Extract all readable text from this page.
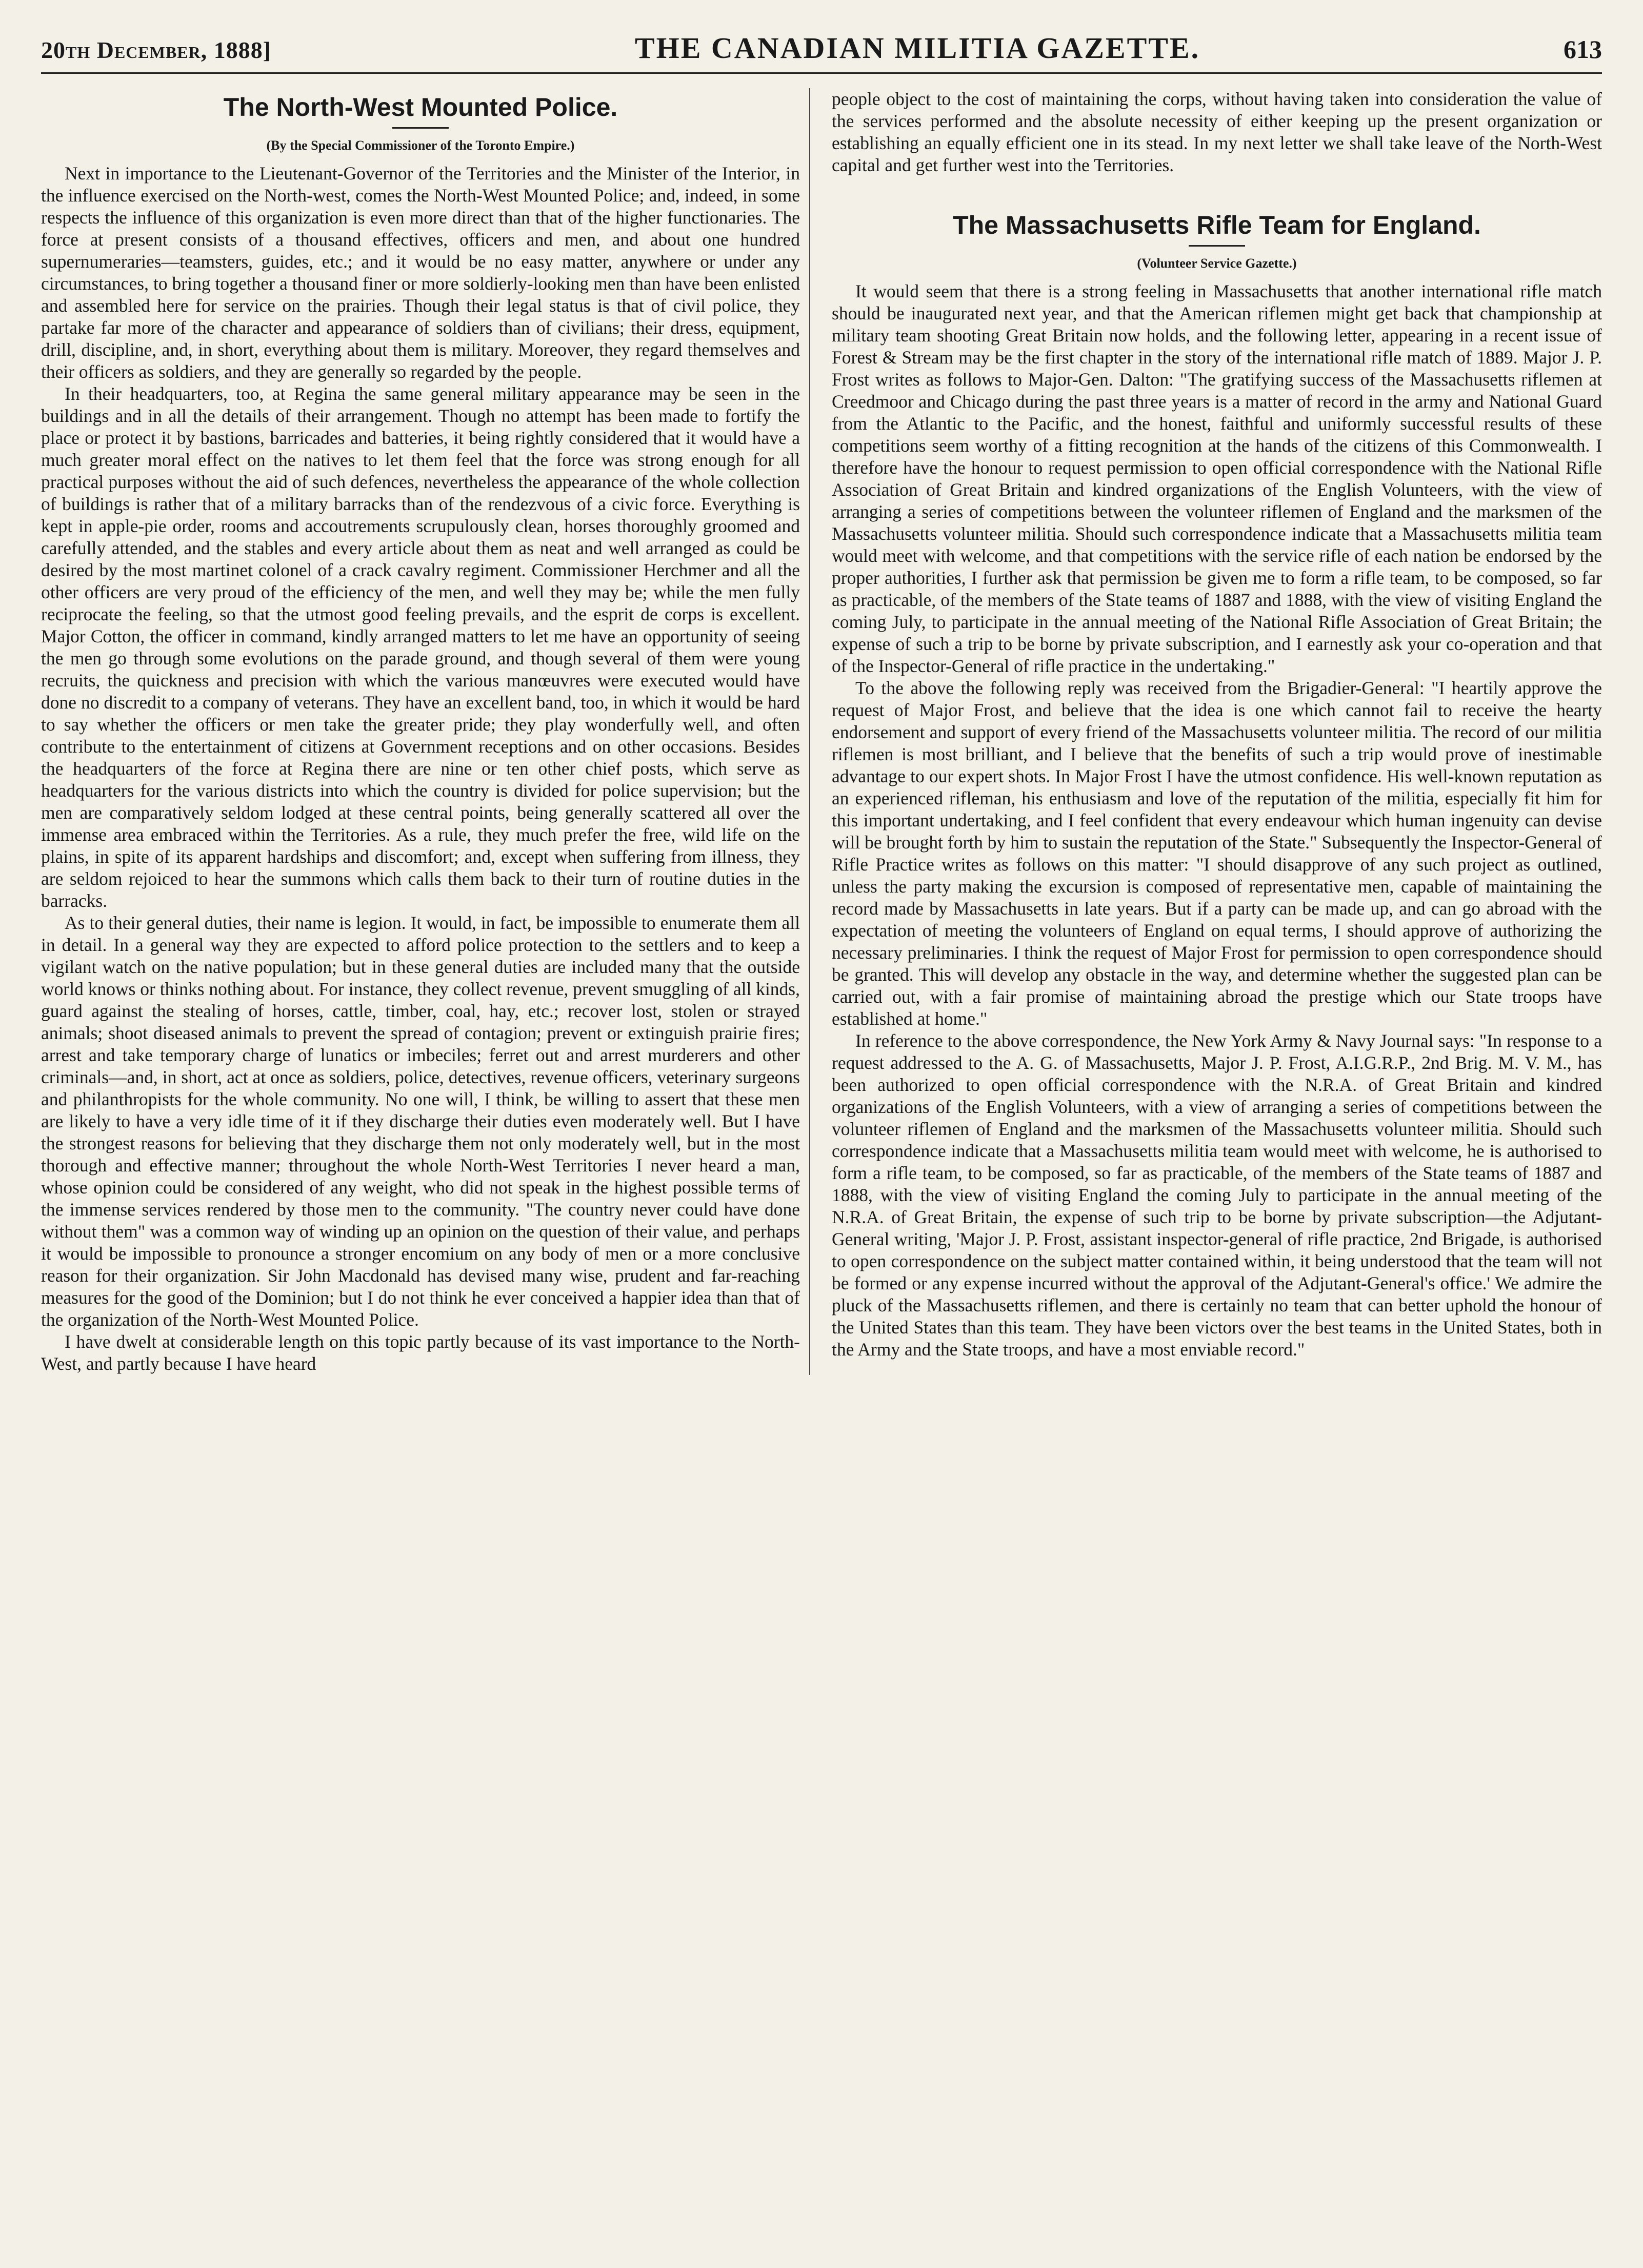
20th December, 1888]	THE CANADIAN MILITIA GAZETTE.	613
The North-West Mounted Police.
(By the Special Commissioner of the Toronto Empire.)

Next in importance to the Lieutenant-Governor of the Territories and the Minister of the Interior, in the influence exercised on the North-west, comes the North-West Mounted Police; and, indeed, in some respects the influence of this organization is even more direct than that of the higher functionaries. The force at present consists of a thousand effectives, officers and men, and about one hundred supernumeraries—teamsters, guides, etc.; and it would be no easy matter, anywhere or under any circumstances, to bring together a thousand finer or more soldierly-looking men than have been enlisted and assembled here for service on the prairies. Though their legal status is that of civil police, they partake far more of the character and appearance of soldiers than of civilians; their dress, equipment, drill, discipline, and, in short, everything about them is military. Moreover, they regard themselves and their officers as soldiers, and they are generally so regarded by the people.

In their headquarters, too, at Regina the same general military appearance may be seen in the buildings and in all the details of their arrangement. Though no attempt has been made to fortify the place or protect it by bastions, barricades and batteries, it being rightly considered that it would have a much greater moral effect on the natives to let them feel that the force was strong enough for all practical purposes without the aid of such defences, nevertheless the appearance of the whole collection of buildings is rather that of a military barracks than of the rendezvous of a civic force. Everything is kept in apple-pie order, rooms and accoutrements scrupulously clean, horses thoroughly groomed and carefully attended, and the stables and every article about them as neat and well arranged as could be desired by the most martinet colonel of a crack cavalry regiment. Commissioner Herchmer and all the other officers are very proud of the efficiency of the men, and well they may be; while the men fully reciprocate the feeling, so that the utmost good feeling prevails, and the esprit de corps is excellent. Major Cotton, the officer in command, kindly arranged matters to let me have an opportunity of seeing the men go through some evolutions on the parade ground, and though several of them were young recruits, the quickness and precision with which the various manœuvres were executed would have done no discredit to a company of veterans. They have an excellent band, too, in which it would be hard to say whether the officers or men take the greater pride; they play wonderfully well, and often contribute to the entertainment of citizens at Government receptions and on other occasions. Besides the headquarters of the force at Regina there are nine or ten other chief posts, which serve as headquarters for the various districts into which the country is divided for police supervision; but the men are comparatively seldom lodged at these central points, being generally scattered all over the immense area embraced within the Territories. As a rule, they much prefer the free, wild life on the plains, in spite of its apparent hardships and discomfort; and, except when suffering from illness, they are seldom rejoiced to hear the summons which calls them back to their turn of routine duties in the barracks.

As to their general duties, their name is legion. It would, in fact, be impossible to enumerate them all in detail. In a general way they are expected to afford police protection to the settlers and to keep a vigilant watch on the native population; but in these general duties are included many that the outside world knows or thinks nothing about. For instance, they collect revenue, prevent smuggling of all kinds, guard against the stealing of horses, cattle, timber, coal, hay, etc.; recover lost, stolen or strayed animals; shoot diseased animals to prevent the spread of contagion; prevent or extinguish prairie fires; arrest and take temporary charge of lunatics or imbeciles; ferret out and arrest murderers and other criminals—and, in short, act at once as soldiers, police, detectives, revenue officers, veterinary surgeons and philanthropists for the whole community. No one will, I think, be willing to assert that these men are likely to have a very idle time of it if they discharge their duties even moderately well. But I have the strongest reasons for believing that they discharge them not only moderately well, but in the most thorough and effective manner; throughout the whole North-West Territories I never heard a man, whose opinion could be considered of any weight, who did not speak in the highest possible terms of the immense services rendered by those men to the community. "The country never could have done without them" was a common way of winding up an opinion on the question of their value, and perhaps it would be impossible to pronounce a stronger encomium on any body of men or a more conclusive reason for their organization. Sir John Macdonald has devised many wise, prudent and far-reaching measures for the good of the Dominion; but I do not think he ever conceived a happier idea than that of the organization of the North-West Mounted Police.

I have dwelt at considerable length on this topic partly because of its vast importance to the North-West, and partly because I have heard

people object to the cost of maintaining the corps, without having taken into consideration the value of the services performed and the absolute necessity of either keeping up the present organization or establishing an equally efficient one in its stead. In my next letter we shall take leave of the North-West capital and get further west into the Territories.

The Massachusetts Rifle Team for England.
(Volunteer Service Gazette.)

It would seem that there is a strong feeling in Massachusetts that another international rifle match should be inaugurated next year, and that the American riflemen might get back that championship at military team shooting Great Britain now holds, and the following letter, appearing in a recent issue of Forest & Stream may be the first chapter in the story of the international rifle match of 1889. Major J. P. Frost writes as follows to Major-Gen. Dalton: "The gratifying success of the Massachusetts riflemen at Creedmoor and Chicago during the past three years is a matter of record in the army and National Guard from the Atlantic to the Pacific, and the honest, faithful and uniformly successful results of these competitions seem worthy of a fitting recognition at the hands of the citizens of this Commonwealth. I therefore have the honour to request permission to open official correspondence with the National Rifle Association of Great Britain and kindred organizations of the English Volunteers, with the view of arranging a series of competitions between the volunteer riflemen of England and the marksmen of the Massachusetts volunteer militia. Should such correspondence indicate that a Massachusetts militia team would meet with welcome, and that competitions with the service rifle of each nation be endorsed by the proper authorities, I further ask that permission be given me to form a rifle team, to be composed, so far as practicable, of the members of the State teams of 1887 and 1888, with the view of visiting England the coming July, to participate in the annual meeting of the National Rifle Association of Great Britain; the expense of such a trip to be borne by private subscription, and I earnestly ask your co-operation and that of the Inspector-General of rifle practice in the undertaking."

To the above the following reply was received from the Brigadier-General: "I heartily approve the request of Major Frost, and believe that the idea is one which cannot fail to receive the hearty endorsement and support of every friend of the Massachusetts volunteer militia. The record of our militia riflemen is most brilliant, and I believe that the benefits of such a trip would prove of inestimable advantage to our expert shots. In Major Frost I have the utmost confidence. His well-known reputation as an experienced rifleman, his enthusiasm and love of the reputation of the militia, especially fit him for this important undertaking, and I feel confident that every endeavour which human ingenuity can devise will be brought forth by him to sustain the reputation of the State." Subsequently the Inspector-General of Rifle Practice writes as follows on this matter: "I should disapprove of any such project as outlined, unless the party making the excursion is composed of representative men, capable of maintaining the record made by Massachusetts in late years. But if a party can be made up, and can go abroad with the expectation of meeting the volunteers of England on equal terms, I should approve of authorizing the necessary preliminaries. I think the request of Major Frost for permission to open correspondence should be granted. This will develop any obstacle in the way, and determine whether the suggested plan can be carried out, with a fair promise of maintaining abroad the prestige which our State troops have established at home."

In reference to the above correspondence, the New York Army & Navy Journal says: "In response to a request addressed to the A. G. of Massachusetts, Major J. P. Frost, A.I.G.R.P., 2nd Brig. M. V. M., has been authorized to open official correspondence with the N.R.A. of Great Britain and kindred organizations of the English Volunteers, with a view of arranging a series of competitions between the volunteer riflemen of England and the marksmen of the Massachusetts volunteer militia. Should such correspondence indicate that a Massachusetts militia team would meet with welcome, he is authorised to form a rifle team, to be composed, so far as practicable, of the members of the State teams of 1887 and 1888, with the view of visiting England the coming July to participate in the annual meeting of the N.R.A. of Great Britain, the expense of such trip to be borne by private subscription—the Adjutant-General writing, 'Major J. P. Frost, assistant inspector-general of rifle practice, 2nd Brigade, is authorised to open correspondence on the subject matter contained within, it being understood that the team will not be formed or any expense incurred without the approval of the Adjutant-General's office.' We admire the pluck of the Massachusetts riflemen, and there is certainly no team that can better uphold the honour of the United States than this team. They have been victors over the best teams in the United States, both in the Army and the State troops, and have a most enviable record."
